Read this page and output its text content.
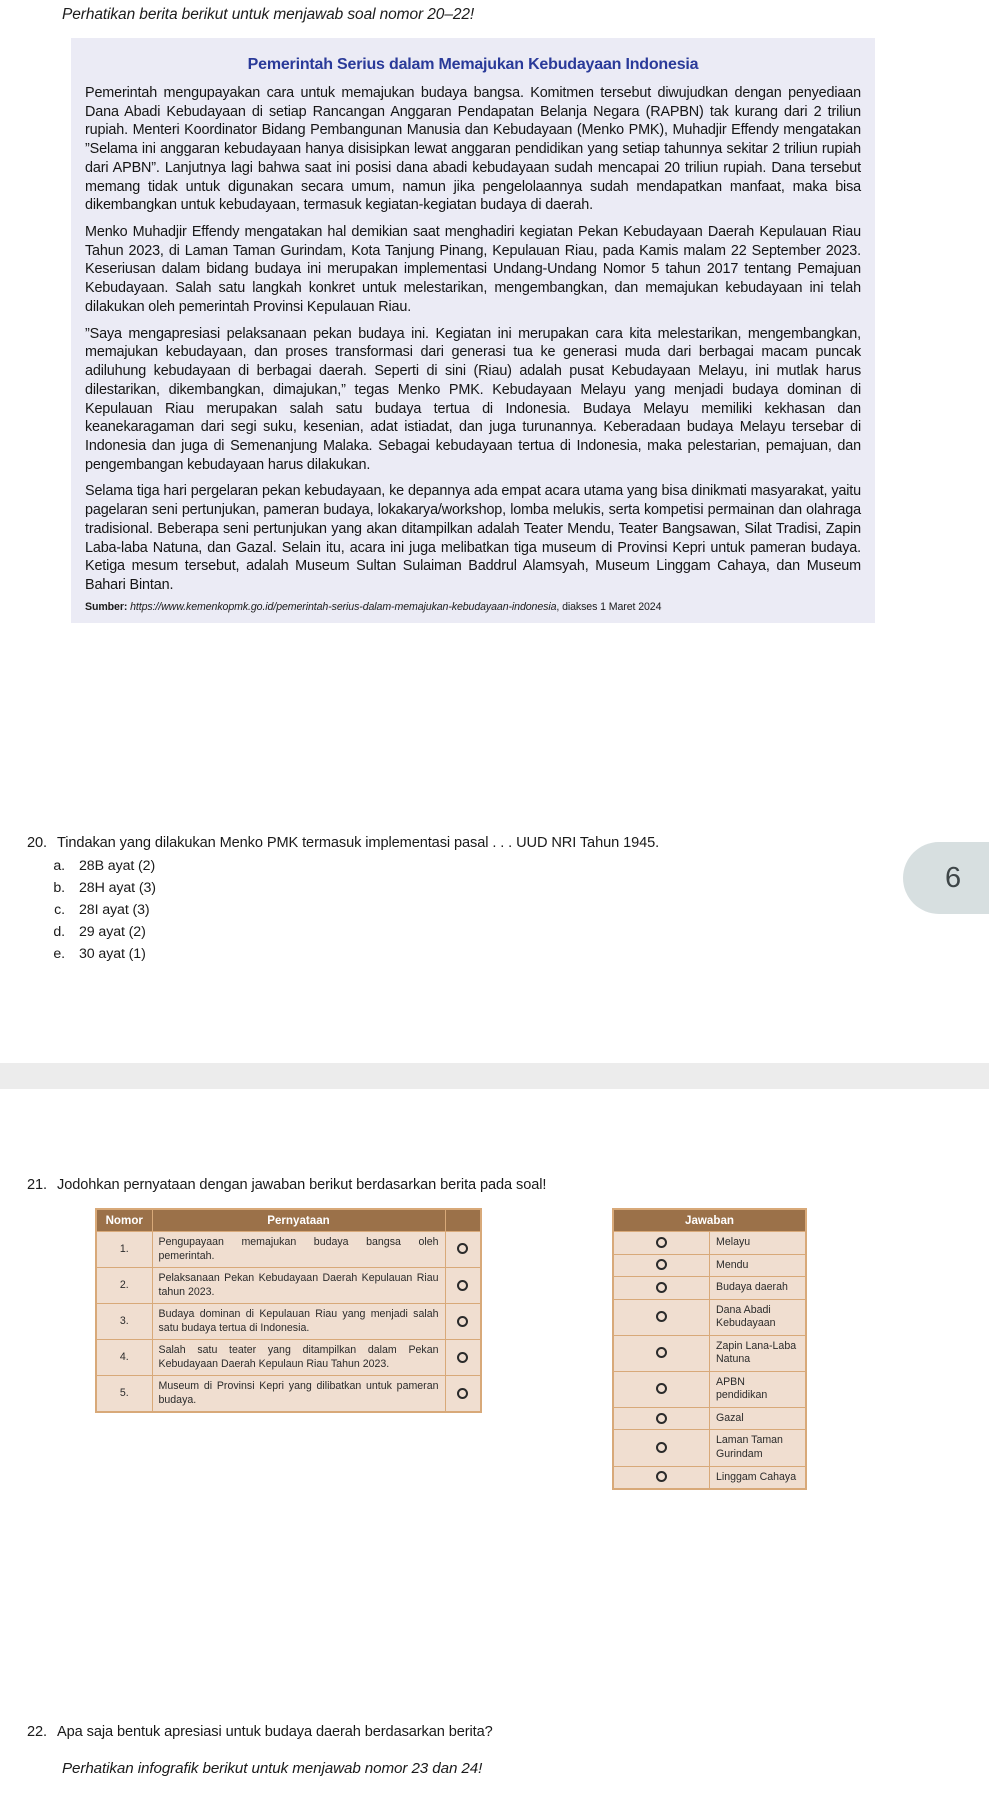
Perhatikan berita berikut untuk menjawab soal nomor 20–22!
Pemerintah Serius dalam Memajukan Kebudayaan Indonesia

Pemerintah mengupayakan cara untuk memajukan budaya bangsa. Komitmen tersebut diwujudkan dengan penyediaan Dana Abadi Kebudayaan di setiap Rancangan Anggaran Pendapatan Belanja Negara (RAPBN) tak kurang dari 2 triliun rupiah. Menteri Koordinator Bidang Pembangunan Manusia dan Kebudayaan (Menko PMK), Muhadjir Effendy mengatakan ”Selama ini anggaran kebudayaan hanya disisipkan lewat anggaran pendidikan yang setiap tahunnya sekitar 2 triliun rupiah dari APBN”. Lanjutnya lagi bahwa saat ini posisi dana abadi kebudayaan sudah mencapai 20 triliun rupiah. Dana tersebut memang tidak untuk digunakan secara umum, namun jika pengelolaannya sudah mendapatkan manfaat, maka bisa dikembangkan untuk kebudayaan, termasuk kegiatan-kegiatan budaya di daerah.

Menko Muhadjir Effendy mengatakan hal demikian saat menghadiri kegiatan Pekan Kebudayaan Daerah Kepulauan Riau Tahun 2023, di Laman Taman Gurindam, Kota Tanjung Pinang, Kepulauan Riau, pada Kamis malam 22 September 2023. Keseriusan dalam bidang budaya ini merupakan implementasi Undang-Undang Nomor 5 tahun 2017 tentang Pemajuan Kebudayaan. Salah satu langkah konkret untuk melestarikan, mengembangkan, dan memajukan kebudayaan ini telah dilakukan oleh pemerintah Provinsi Kepulauan Riau.

”Saya mengapresiasi pelaksanaan pekan budaya ini. Kegiatan ini merupakan cara kita melestarikan, mengembangkan, memajukan kebudayaan, dan proses transformasi dari generasi tua ke generasi muda dari berbagai macam puncak adiluhung kebudayaan di berbagai daerah. Seperti di sini (Riau) adalah pusat Kebudayaan Melayu, ini mutlak harus dilestarikan, dikembangkan, dimajukan,” tegas Menko PMK. Kebudayaan Melayu yang menjadi budaya dominan di Kepulauan Riau merupakan salah satu budaya tertua di Indonesia. Budaya Melayu memiliki kekhasan dan keanekaragaman dari segi suku, kesenian, adat istiadat, dan juga turunannya. Keberadaan budaya Melayu tersebar di Indonesia dan juga di Semenanjung Malaka. Sebagai kebudayaan tertua di Indonesia, maka pelestarian, pemajuan, dan pengembangan kebudayaan harus dilakukan.

Selama tiga hari pergelaran pekan kebudayaan, ke depannya ada empat acara utama yang bisa dinikmati masyarakat, yaitu pagelaran seni pertunjukan, pameran budaya, lokakarya/workshop, lomba melukis, serta kompetisi permainan dan olahraga tradisional. Beberapa seni pertunjukan yang akan ditampilkan adalah Teater Mendu, Teater Bangsawan, Silat Tradisi, Zapin Laba-laba Natuna, dan Gazal. Selain itu, acara ini juga melibatkan tiga museum di Provinsi Kepri untuk pameran budaya. Ketiga mesum tersebut, adalah Museum Sultan Sulaiman Baddrul Alamsyah, Museum Linggam Cahaya, dan Museum Bahari Bintan.

Sumber: https://www.kemenkopmk.go.id/pemerintah-serius-dalam-memajukan-kebudayaan-indonesia, diakses 1 Maret 2024
20. Tindakan yang dilakukan Menko PMK termasuk implementasi pasal . . . UUD NRI Tahun 1945.
a. 28B ayat (2)
b. 28H ayat (3)
c. 28I ayat (3)
d. 29 ayat (2)
e. 30 ayat (1)
6
21. Jodohkan pernyataan dengan jawaban berikut berdasarkan berita pada soal!
Nomor	Pernyataan	
1.	Pengupayaan memajukan budaya bangsa oleh pemerintah.	
2.	Pelaksanaan Pekan Kebudayaan Daerah Kepulauan Riau tahun 2023.	
3.	Budaya dominan di Kepulauan Riau yang menjadi salah satu budaya tertua di Indonesia.	
4.	Salah satu teater yang ditampilkan dalam Pekan Kebudayaan Daerah Kepulaun Riau Tahun 2023.	
5.	Museum di Provinsi Kepri yang dilibatkan untuk pameran budaya.	
Jawaban	
	Melayu
	Mendu
	Budaya daerah
	Dana Abadi Kebudayaan
	Zapin Lana-Laba Natuna
	APBN pendidikan
	Gazal
	Laman Taman Gurindam
	Linggam Cahaya
22. Apa saja bentuk apresiasi untuk budaya daerah berdasarkan berita?
Perhatikan infografik berikut untuk menjawab nomor 23 dan 24!
